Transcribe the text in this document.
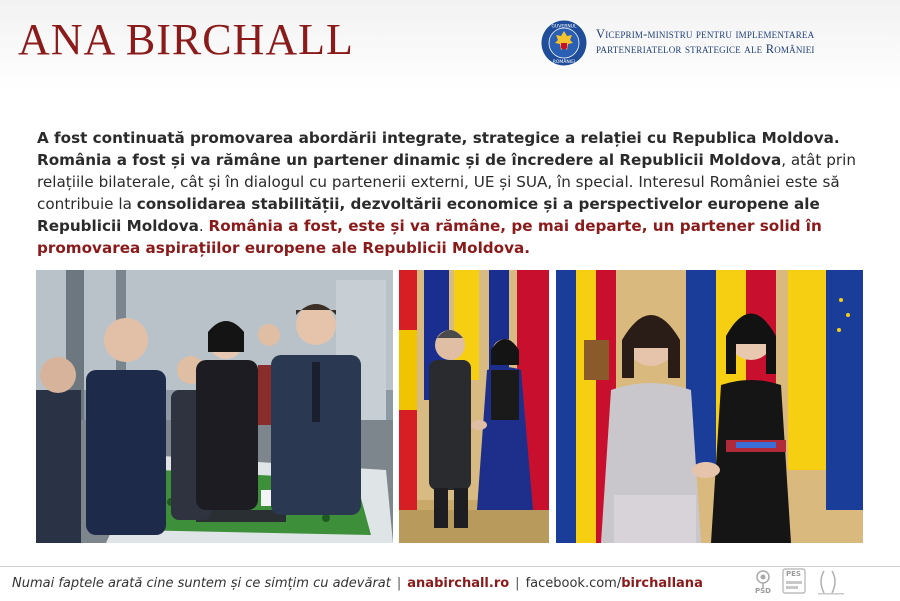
ANA BIRCHALL	GUVERNUL
ROMÂNIEI
Viceprim-ministru pentru implementarea
parteneriatelor strategice ale României
A fost continuată promovarea abordării integrate, strategice a relației cu Republica Moldova. România a fost și va rămâne un partener dinamic și de încredere al Republicii Moldova, atât prin relațiile bilaterale, cât și în dialogul cu partenerii externi, UE și SUA, în special. Interesul României este să contribuie la consolidarea stabilității, dezvoltării economice și a perspectivelor europene ale Republicii Moldova. România a fost, este și va rămâne, pe mai departe, un partener solid în promovarea aspirațiilor europene ale Republicii Moldova.
Numai faptele arată cine suntem și ce simțim cu adevărat | anabirchall.ro | facebook.com/birchallana	PSD
PES
